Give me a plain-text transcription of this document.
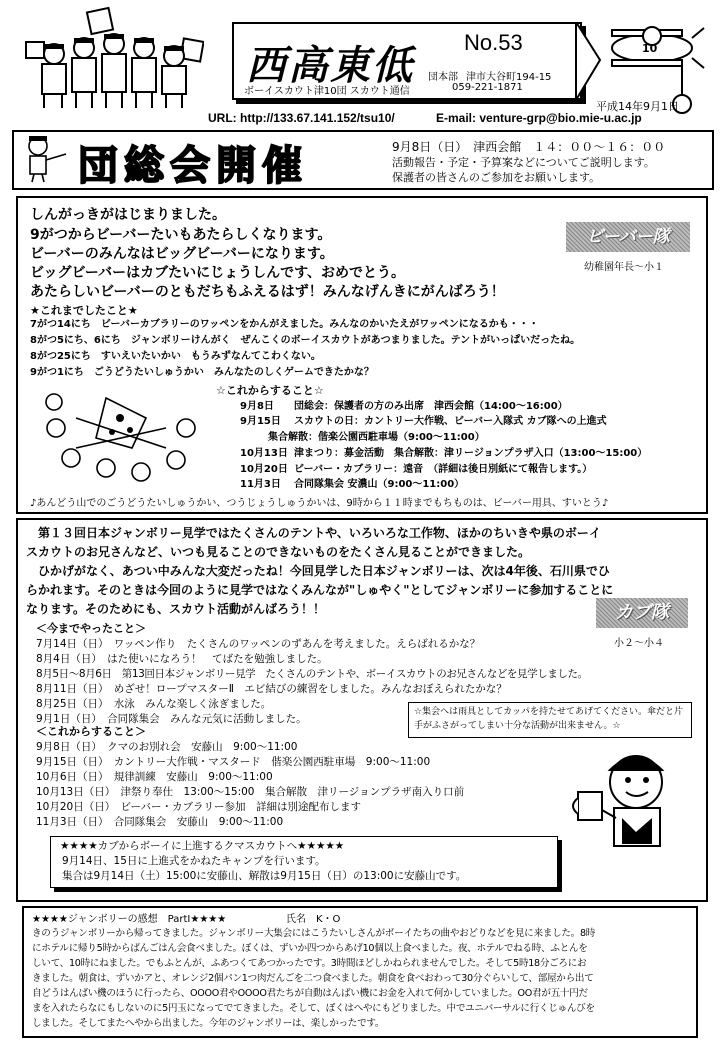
西高東低 No.53
団本部 津市大谷町194-15
ボーイスカウト津10団 スカウト通信	059-221-1871
10
平成14年9月1日
URL: http://133.67.141.152/tsu10/	E-mail: venture-grp@bio.mie-u.ac.jp
団総会開催	9月8日（日）　津西会館　１４：００〜１６：００
活動報告・予定・予算案などについてご説明します。
保護者の皆さんのご参加をお願いします。
しんがっきがはじまりました。
9がつからビーバーたいもあたらしくなります。
ビーバーのみんなはビッグビーバーになります。
ビッグビーバーはカブたいにじょうしんです、おめでとう。
あたらしいビーバーのともだちもふえるはず！みんなげんきにがんばろう！
ビーバー隊
幼稚園年長〜小１
★これまでしたこと★
7がつ14にち　ビーバーカブラリーのワッペンをかんがえました。みんなのかいたえがワッペンになるかも・・・
8がつ5にち、6にち　ジャンボリーけんがく　ぜんこくのボーイスカウトがあつまりました。テントがいっぱいだったね。
8がつ25にち　すいえいたいかい　もうみずなんてこわくない。
9がつ1にち　ごうどうたいしゅうかい　みんなたのしくゲームできたかな？
☆これからすること☆
9月8日 団総会：保護者の方のみ出席　津西会館（14:00〜16:00）
9月15日 スカウトの日：カントリー大作戦、ビーバー入隊式 カブ隊への上進式
集合解散：偕楽公園西駐車場（9:00〜11:00）
10月13日 津まつり：募金活動　集合解散：津リージョンプラザ入口（13:00〜15:00）
10月20日 ビーバー・カブラリー：遠音　（詳細は後日別紙にて報告します。）
11月3日 合同隊集会 安濃山（9:00〜11:00）
♪あんどう山でのごうどうたいしゅうかい、つうじょうしゅうかいは、9時から１１時までもちものは、ビーバー用具、すいとう♪
　第１３回日本ジャンボリー見学ではたくさんのテントや、いろいろな工作物、ほかのちいきや県のボーイ
スカウトのお兄さんなど、いつも見ることのできないものをたくさん見ることができました。
　ひかげがなく、あつい中みんな大変だったね！今回見学した日本ジャンボリーは、次は4年後、石川県でひ
らかれます。そのときは今回のように見学ではなくみんなが"しゅやく"としてジャンボリーに参加することに
なります。そのためにも、スカウト活動がんばろう！！	カブ隊
小２〜小４
＜今までやったこと＞
7月14日（日）　ワッペン作り　たくさんのワッペンのずあんを考えました。えらばれるかな？
8月4日（日）　はた使いになろう！　てばたを勉強しました。
8月5日〜8月6日　第13回日本ジャンボリー見学　たくさんのテントや、ボーイスカウトのお兄さんなどを見学しました。
8月11日（日）　めざせ！ロープマスターⅡ　エビ結びの練習をしました。みんなおぼえられたかな？
8月25日（日）　水泳　みんな楽しく泳ぎました。
9月1日（日）　合同隊集会　みんな元気に活動しました。
☆集会へは雨具としてカッパを持たせてあげてください。傘だと片手がふさがってしまい十分な活動が出来ません。☆
＜これからすること＞
9月8日（日）　クマのお別れ会　安藤山　9:00〜11:00
9月15日（日）　カントリー大作戦・マスタード　偕楽公園西駐車場　9:00〜11:00
10月6日（日）　規律訓練　安藤山　9:00〜11:00
10月13日（日）　津祭り奉仕　13:00〜15:00　集合解散　津リージョンプラザ南入り口前
10月20日（日）　ビーバー・カブラリー参加　詳細は別途配布します
11月3日（日）　合同隊集会　安藤山　9:00〜11:00
★★★★カブからボーイに上進するクマスカウトへ★★★★★
9月14日、15日に上進式をかねたキャンプを行います。
集合は9月14日（土）15:00に安藤山、解散は9月15日（日）の13:00に安藤山です。
★★★★ジャンボリーの感想　PartⅠ★★★★	氏名　K・O
きのうジャンボリーから帰ってきました。ジャンボリー大集会にはこうたいしさんがボーイたちの曲やおどりなどを見に来ました。8時
にホテルに帰り5時からばんごはん会食べました。ぼくは、ずいか四つからあげ10個以上食べました。夜、ホテルでねる時、ふとんを
しいて、10時にねました。でもふとんが、ふあつくてあつかったです。3時間ほどしかねられませんでした。そして5時18分ごろにお
きました。朝食は、ずいかアと、オレンジ2個パン1つ肉だんごを二つ食べました。朝食を食べおわって30分ぐらいして、部屋から出て
自どうはんばい機のほうに行ったら、OOOO君やOOOO君たちが自動はんばい機にお金を入れて何かしていました。OO君が五十円だ
まを入れたらなにもしないのに5円玉になってでてきました。そして、ぼくはへやにもどりました。中でユニバーサルに行くじゅんびを
しました。そしてまたへやから出ました。今年のジャンボリーは、楽しかったです。
